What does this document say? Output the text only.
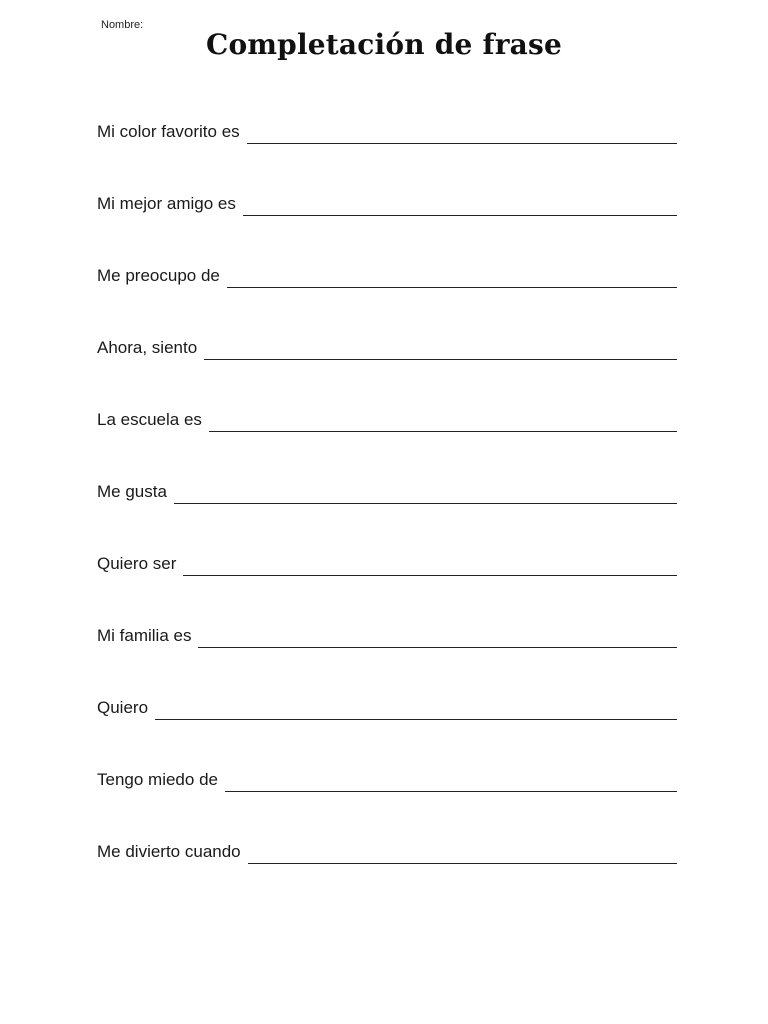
Nombre:
Completación de frase
Mi color favorito es
Mi mejor amigo es
Me preocupo de
Ahora, siento
La escuela es
Me gusta
Quiero ser
Mi familia es
Quiero
Tengo miedo de
Me divierto cuando
